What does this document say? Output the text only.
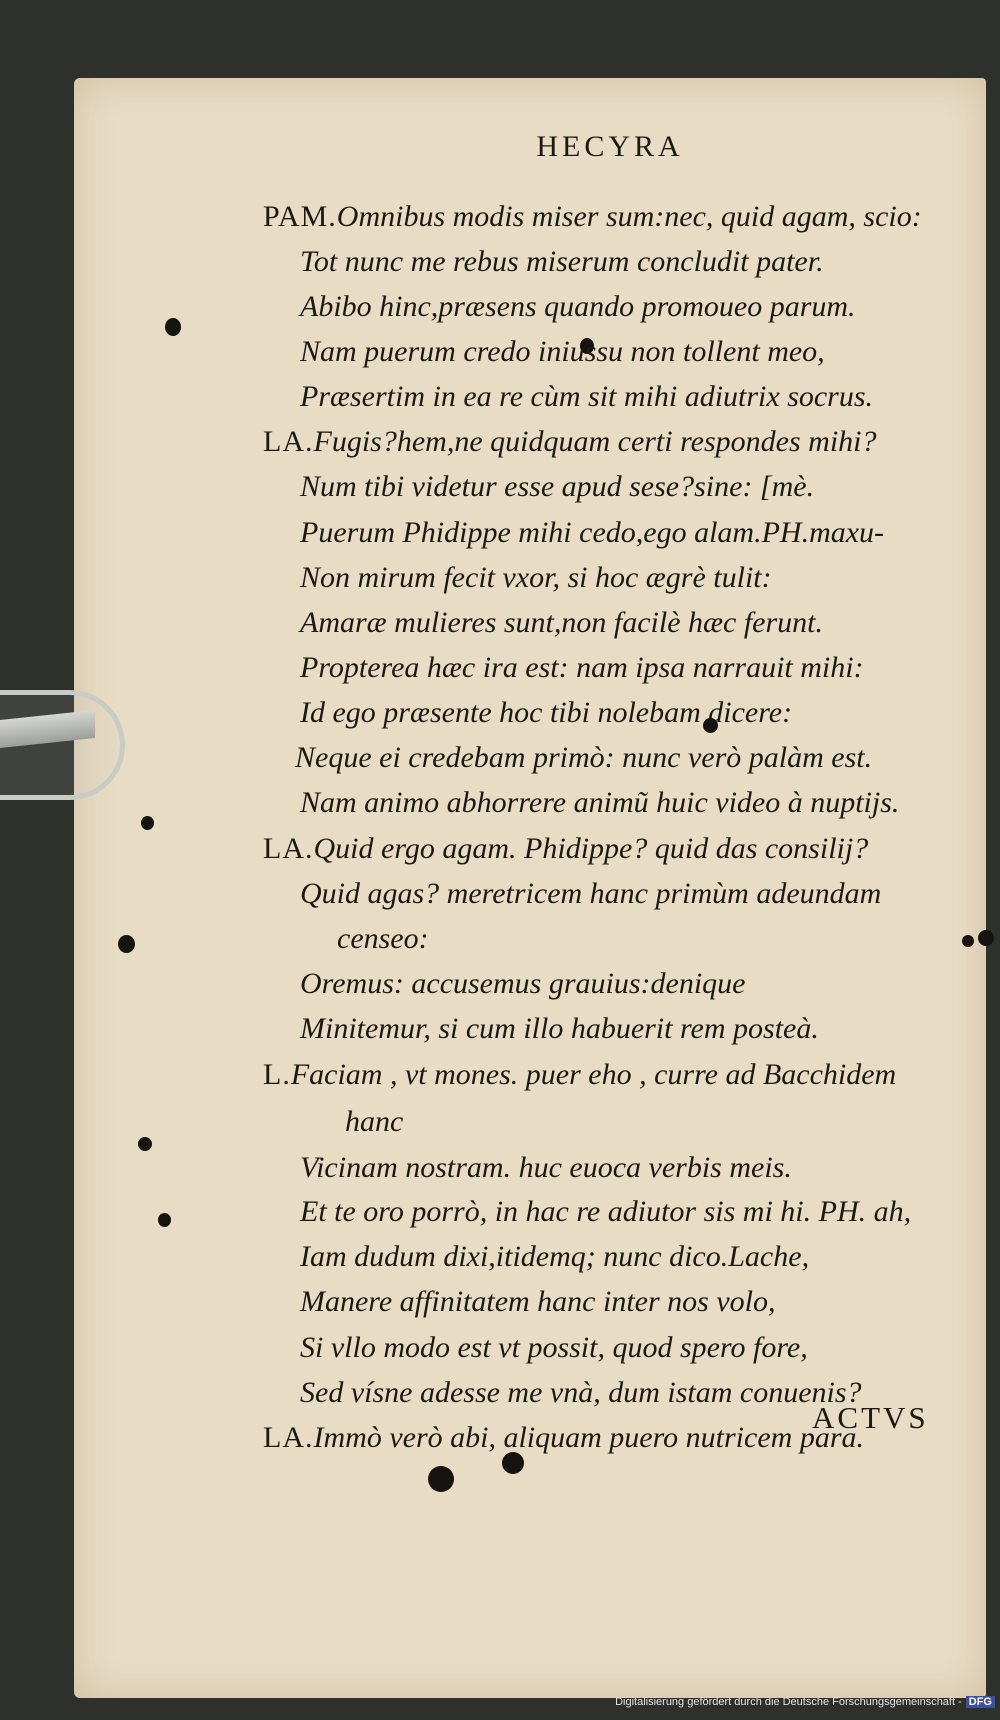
HECYRA
PAM.Omnibus modis miser sum:nec, quid agam, scio:
Tot nunc me rebus miserum concludit pater.
Abibo hinc,præsens quando promoueo parum.
Nam puerum credo iniussu non tollent meo,
Præsertim in ea re cùm sit mihi adiutrix socrus.
LA.Fugis?hem,ne quidquam certi respondes mihi?
Num tibi videtur esse apud sese?sine: [mè.
Puerum Phidippe mihi cedo,ego alam.PH.maxu-
Non mirum fecit vxor, si hoc ægrè tulit:
Amaræ mulieres sunt,non facilè hæc ferunt.
Propterea hæc ira est: nam ipsa narrauit mihi:
Id ego præsente hoc tibi nolebam dicere:
Neque ei credebam primò: nunc verò palàm est.
Nam animo abhorrere animũ huic video à nuptijs.
LA.Quid ergo agam. Phidippe? quid das consilij?
Quid agas? meretricem hanc primùm adeundam
censeo:
Oremus: accusemus grauius:denique
Minitemur, si cum illo habuerit rem posteà.
L.Faciam , vt mones. puer eho , curre ad Bacchidem
hanc
Vicinam nostram. huc euoca verbis meis.
Et te oro porrò, in hac re adiutor sis mi hi. PH. ah,
Iam dudum dixi,itidemq; nunc dico.Lache,
Manere affinitatem hanc inter nos volo,
Si vllo modo est vt possit, quod spero fore,
Sed vísne adesse me vnà, dum istam conuenis?
LA.Immò verò abi, aliquam puero nutricem para.
ACTVS
Digitalisierung gefördert durch die Deutsche Forschungsgemeinschaft - DFG
